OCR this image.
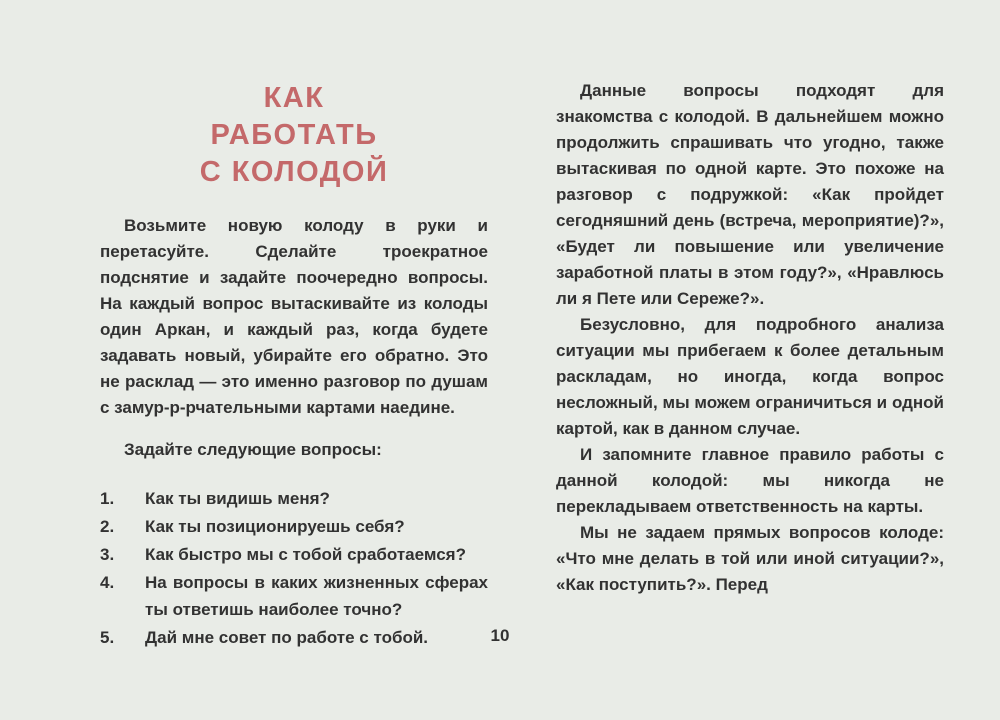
КАК
РАБОТАТЬ
С КОЛОДОЙ

Возьмите новую колоду в руки и перетасуйте. Сделайте троекратное подснятие и задайте поочередно вопросы. На каждый вопрос вытаскивайте из колоды один Аркан, и каждый раз, когда будете задавать новый, убирайте его обратно. Это не расклад — это именно разговор по душам с замур-р-рчательными картами наедине.

Задайте следующие вопросы:

1.	Как ты видишь меня?
2.	Как ты позиционируешь себя?
3.	Как быстро мы с тобой сработаемся?
4.	На вопросы в каких жизненных сферах ты ответишь наиболее точно?
5.	Дай мне совет по работе с тобой.

Данные вопросы подходят для знакомства с колодой. В дальнейшем можно продолжить спрашивать что угодно, также вытаскивая по одной карте. Это похоже на разговор с подружкой: «Как пройдет сегодняшний день (встреча, мероприятие)?», «Будет ли повышение или увеличение заработной платы в этом году?», «Нравлюсь ли я Пете или Сереже?».

Безусловно, для подробного анализа ситуации мы прибегаем к более детальным раскладам, но иногда, когда вопрос несложный, мы можем ограничиться и одной картой, как в данном случае.

И запомните главное правило работы с данной колодой: мы никогда не перекладываем ответственность на карты.

Мы не задаем прямых вопросов колоде: «Что мне делать в той или иной ситуации?», «Как поступить?». Перед

10
